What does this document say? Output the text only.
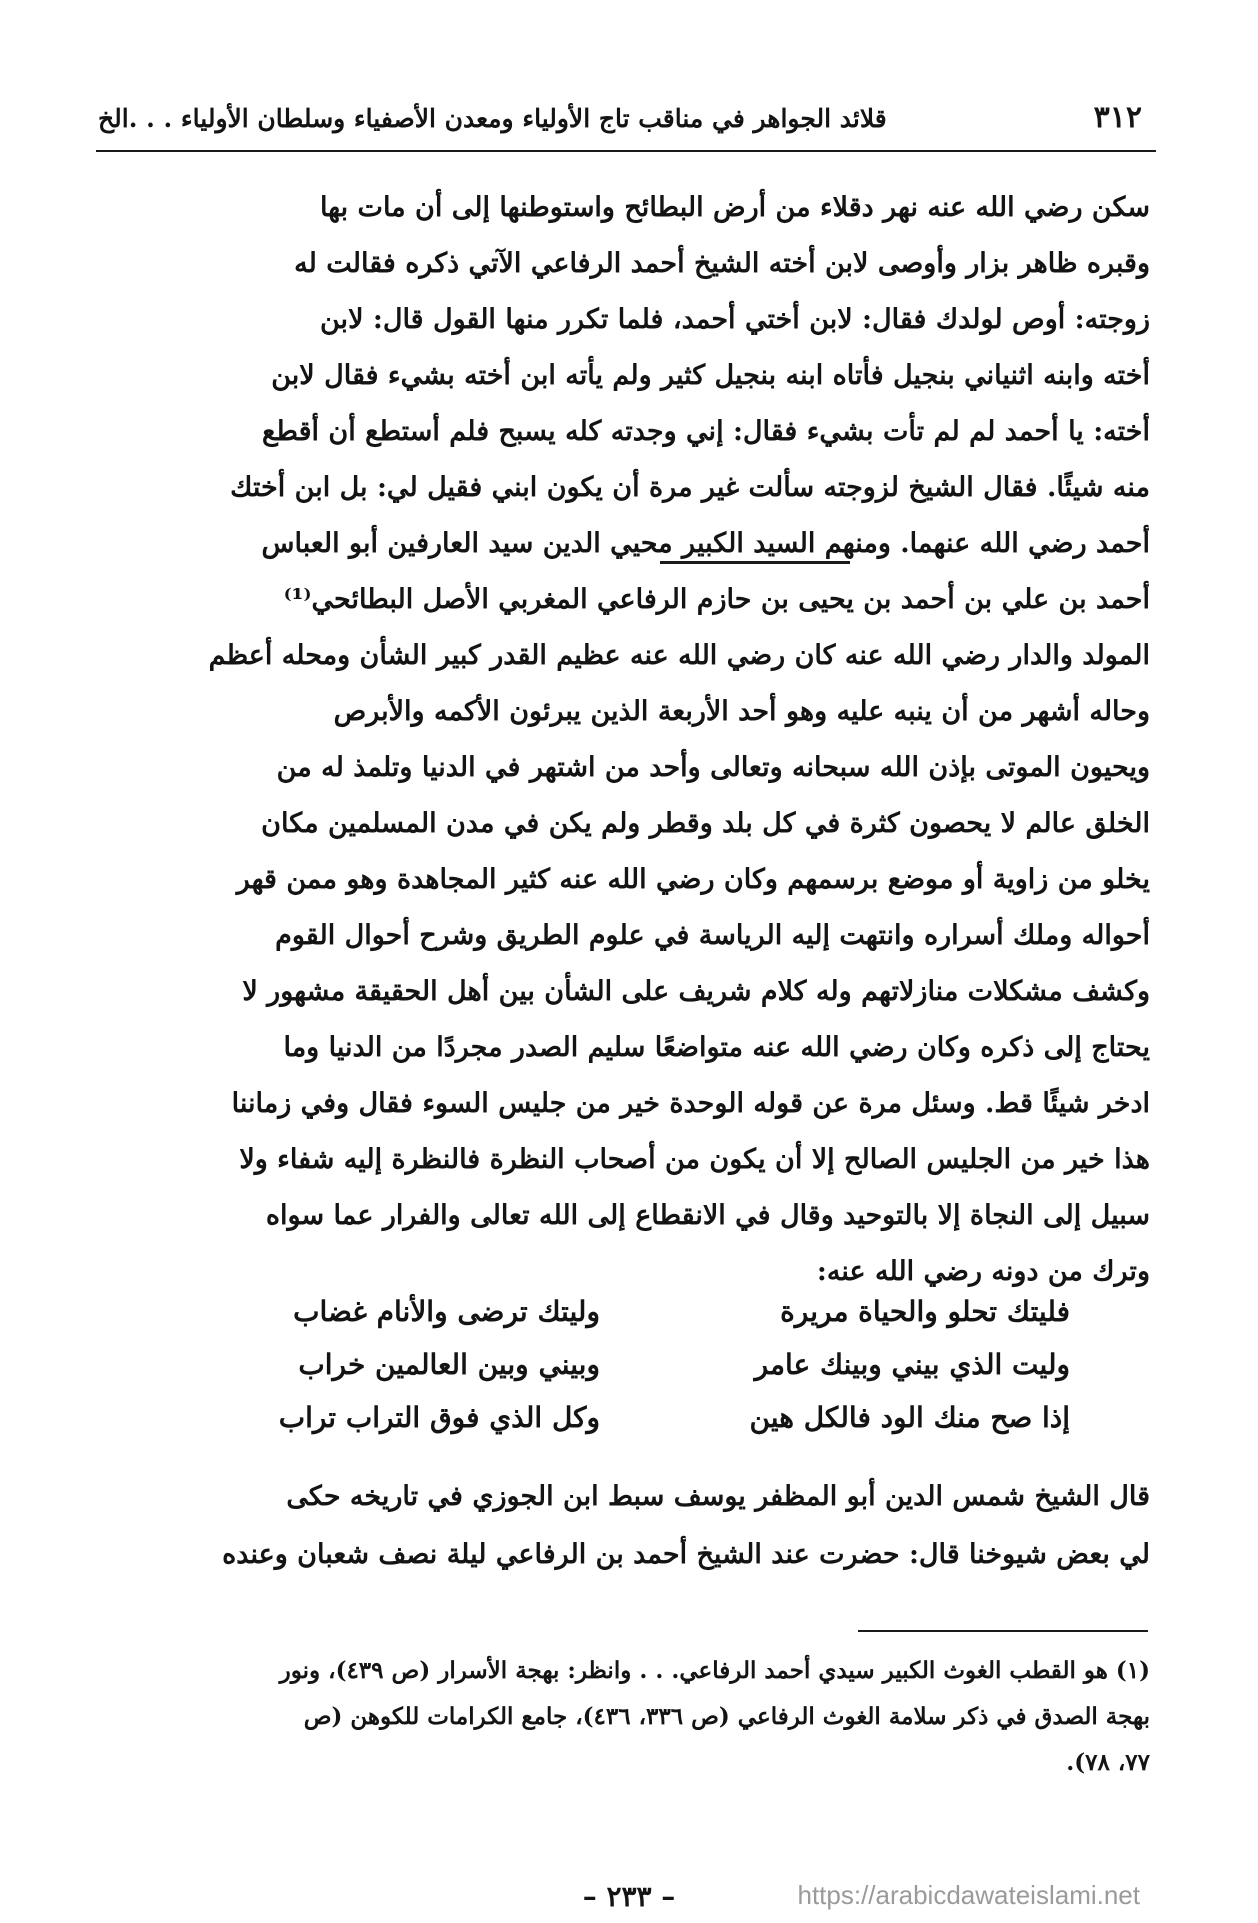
٣١٢
قلائد الجواهر في مناقب تاج الأولياء ومعدن الأصفياء وسلطان الأولياء . . .الخ
سكن رضي الله عنه نهر دقلاء من أرض البطائح واستوطنها إلى أن مات بها
وقبره ظاهر بزار وأوصى لابن أخته الشيخ أحمد الرفاعي الآتي ذكره فقالت له
زوجته: أوص لولدك فقال: لابن أختي أحمد، فلما تكرر منها القول قال: لابن
أخته وابنه اثنياني بنجيل فأتاه ابنه بنجيل كثير ولم يأته ابن أخته بشيء فقال لابن
أخته: يا أحمد لم لم تأت بشيء فقال: إني وجدته كله يسبح فلم أستطع أن أقطع
منه شيئًا. فقال الشيخ لزوجته سألت غير مرة أن يكون ابني فقيل لي: بل ابن أختك
أحمد رضي الله عنهما. ومنهم السيد الكبير محيي الدين سيد العارفين أبو العباس
أحمد بن علي بن أحمد بن يحيى بن حازم الرفاعي المغربي الأصل البطائحي⁽¹⁾
المولد والدار رضي الله عنه كان رضي الله عنه عظيم القدر كبير الشأن ومحله أعظم
وحاله أشهر من أن ينبه عليه وهو أحد الأربعة الذين يبرئون الأكمه والأبرص
ويحيون الموتى بإذن الله سبحانه وتعالى وأحد من اشتهر في الدنيا وتلمذ له من
الخلق عالم لا يحصون كثرة في كل بلد وقطر ولم يكن في مدن المسلمين مكان
يخلو من زاوية أو موضع برسمهم وكان رضي الله عنه كثير المجاهدة وهو ممن قهر
أحواله وملك أسراره وانتهت إليه الرياسة في علوم الطريق وشرح أحوال القوم
وكشف مشكلات منازلاتهم وله كلام شريف على الشأن بين أهل الحقيقة مشهور لا
يحتاج إلى ذكره وكان رضي الله عنه متواضعًا سليم الصدر مجردًا من الدنيا وما
ادخر شيئًا قط. وسئل مرة عن قوله الوحدة خير من جليس السوء فقال وفي زماننا
هذا خير من الجليس الصالح إلا أن يكون من أصحاب النظرة فالنظرة إليه شفاء ولا
سبيل إلى النجاة إلا بالتوحيد وقال في الانقطاع إلى الله تعالى والفرار عما سواه
وترك من دونه رضي الله عنه:
فليتك تحلو والحياة مريرة
وليتك ترضى والأنام غضاب
وليت الذي بيني وبينك عامر
وبيني وبين العالمين خراب
إذا صح منك الود فالكل هين
وكل الذي فوق التراب تراب
قال الشيخ شمس الدين أبو المظفر يوسف سبط ابن الجوزي في تاريخه حكى
لي بعض شيوخنا قال: حضرت عند الشيخ أحمد بن الرفاعي ليلة نصف شعبان وعنده
(١) هو القطب الغوث الكبير سيدي أحمد الرفاعي. . . وانظر: بهجة الأسرار (ص ٤٣٩)، ونور
بهجة الصدق في ذكر سلامة الغوث الرفاعي (ص ٣٣٦، ٤٣٦)، جامع الكرامات للكوهن (ص
٧٧، ٧٨).
– ٢٣٣ –	https://arabicdawateislami.net
